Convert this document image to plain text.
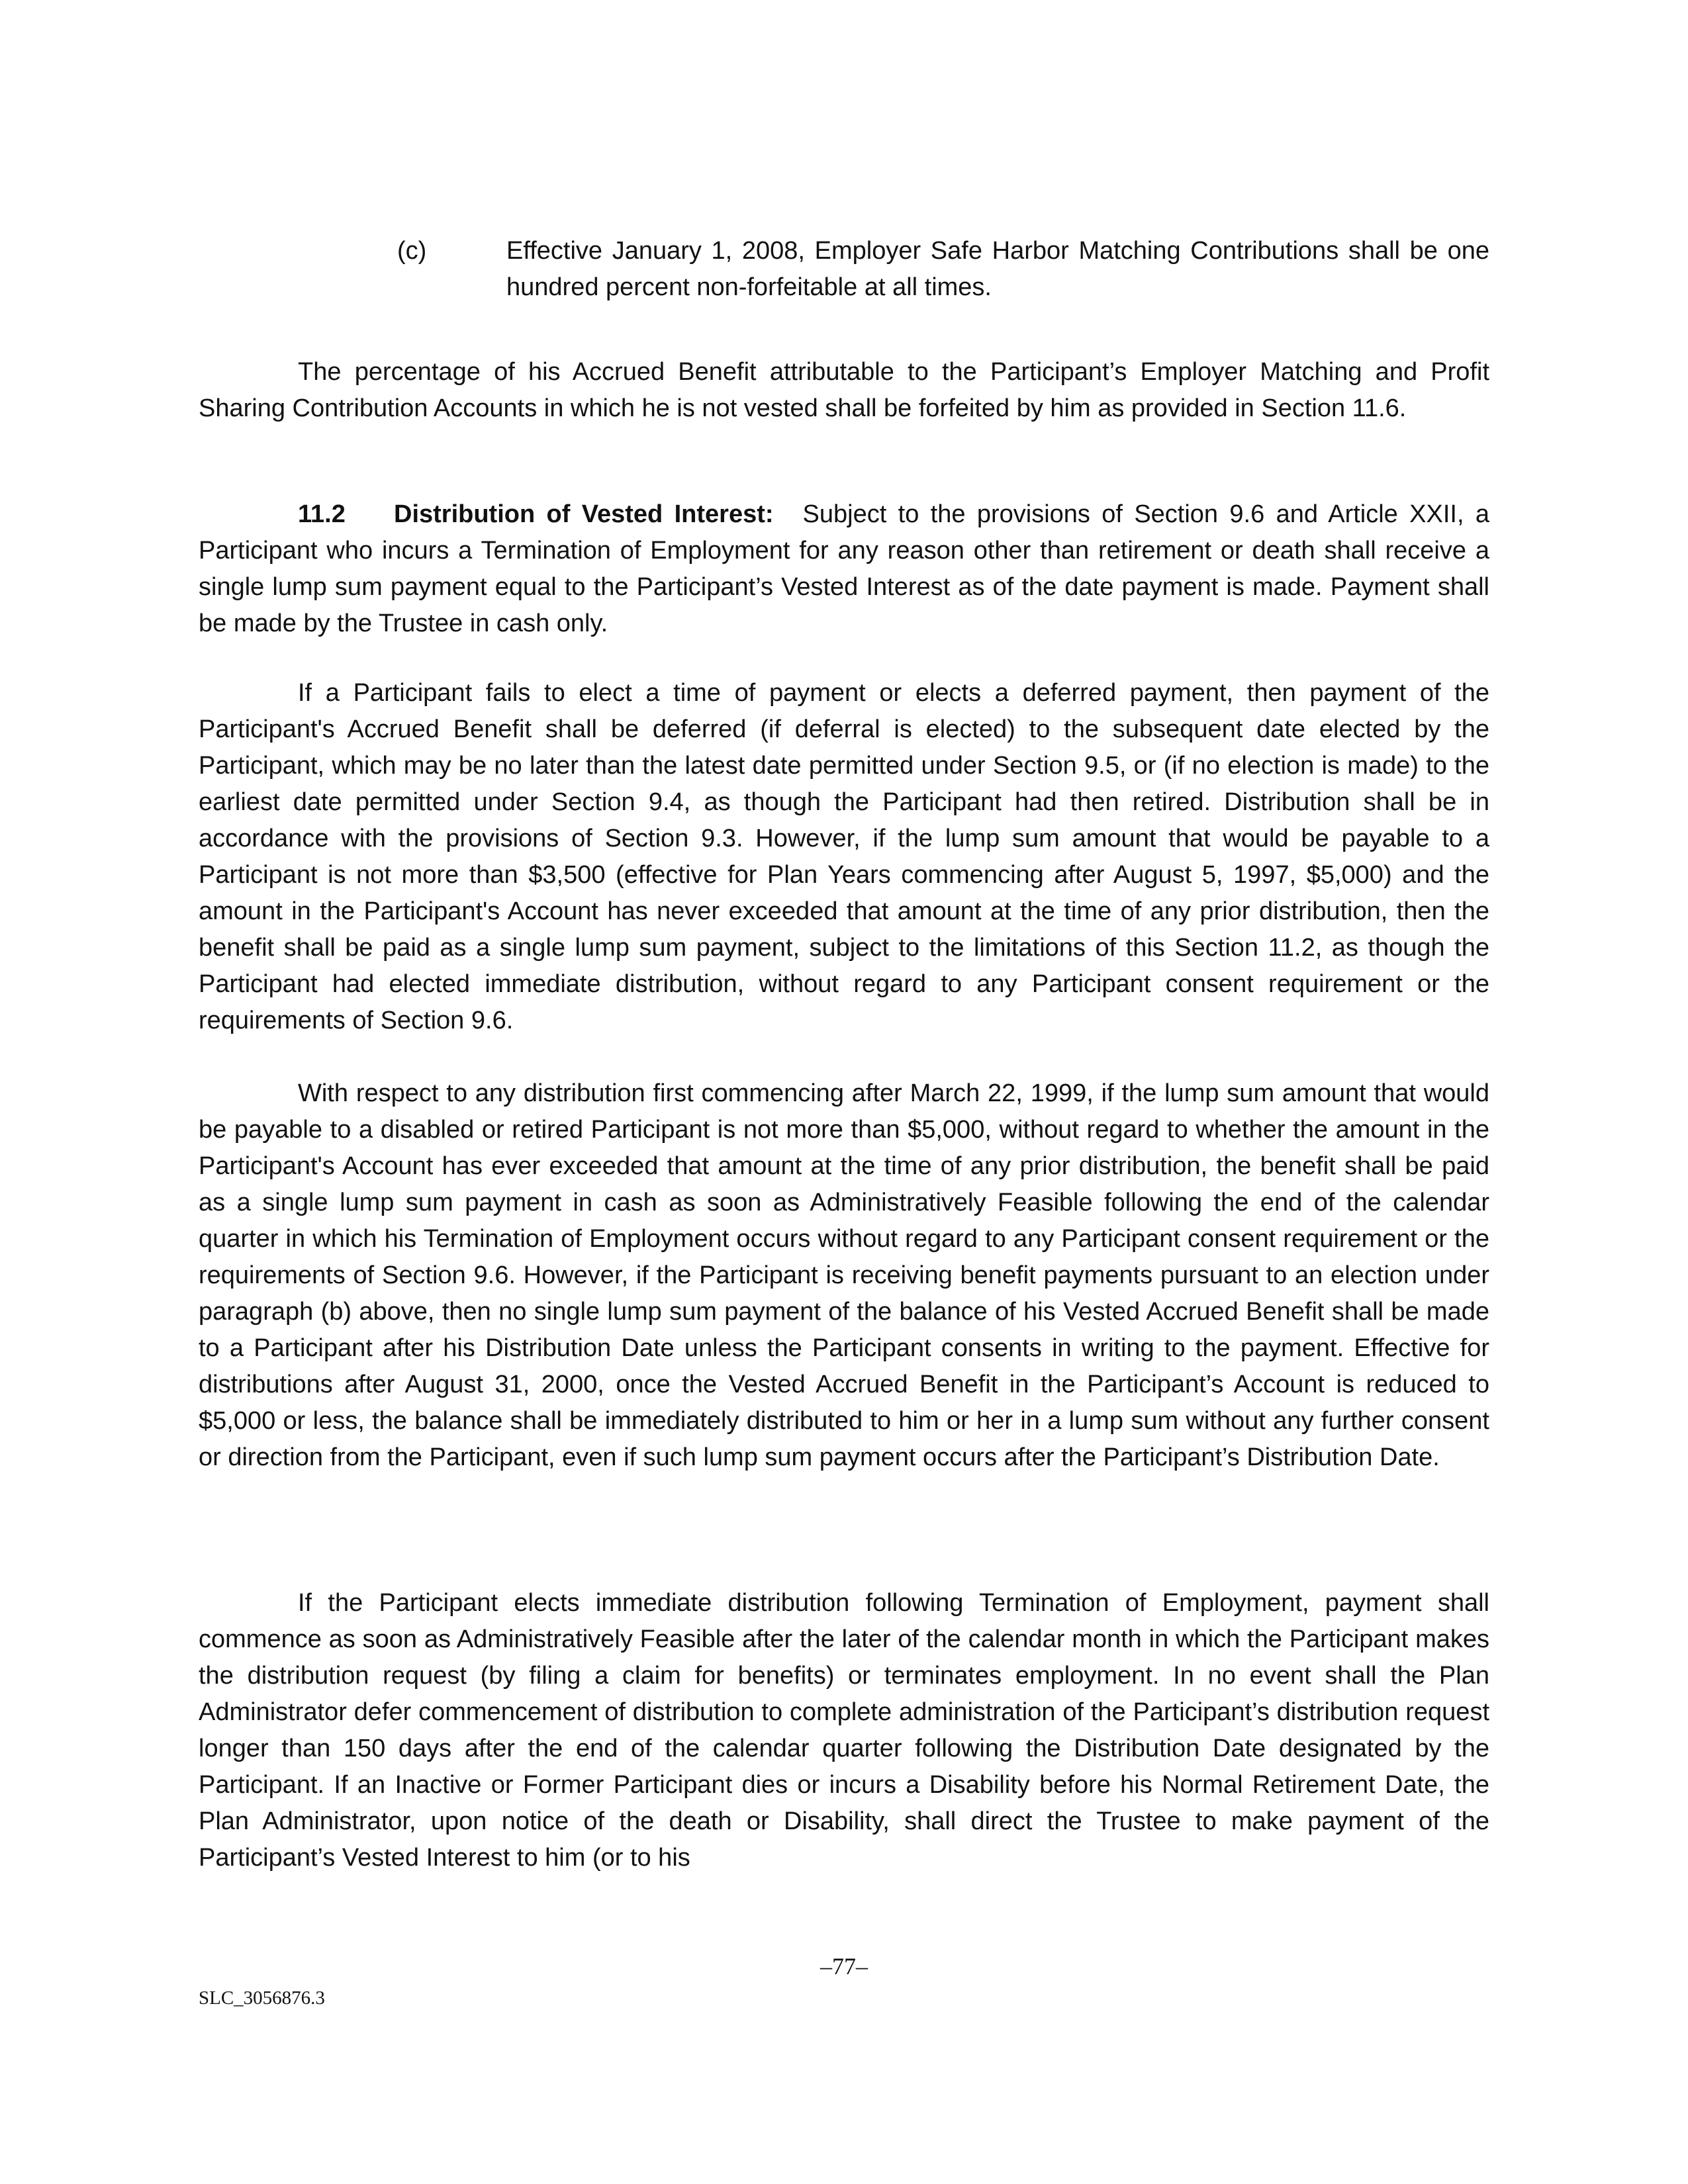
(c)	Effective January 1, 2008, Employer Safe Harbor Matching Contributions shall be one hundred percent non-forfeitable at all times.
The percentage of his Accrued Benefit attributable to the Participant’s Employer Matching and Profit Sharing Contribution Accounts in which he is not vested shall be forfeited by him as provided in Section 11.6.
11.2 Distribution of Vested Interest: Subject to the provisions of Section 9.6 and Article XXII, a Participant who incurs a Termination of Employment for any reason other than retirement or death shall receive a single lump sum payment equal to the Participant’s Vested Interest as of the date payment is made. Payment shall be made by the Trustee in cash only.
If a Participant fails to elect a time of payment or elects a deferred payment, then payment of the Participant's Accrued Benefit shall be deferred (if deferral is elected) to the subsequent date elected by the Participant, which may be no later than the latest date permitted under Section 9.5, or (if no election is made) to the earliest date permitted under Section 9.4, as though the Participant had then retired. Distribution shall be in accordance with the provisions of Section 9.3. However, if the lump sum amount that would be payable to a Participant is not more than $3,500 (effective for Plan Years commencing after August 5, 1997, $5,000) and the amount in the Participant's Account has never exceeded that amount at the time of any prior distribution, then the benefit shall be paid as a single lump sum payment, subject to the limitations of this Section 11.2, as though the Participant had elected immediate distribution, without regard to any Participant consent requirement or the requirements of Section 9.6.
With respect to any distribution first commencing after March 22, 1999, if the lump sum amount that would be payable to a disabled or retired Participant is not more than $5,000, without regard to whether the amount in the Participant's Account has ever exceeded that amount at the time of any prior distribution, the benefit shall be paid as a single lump sum payment in cash as soon as Administratively Feasible following the end of the calendar quarter in which his Termination of Employment occurs without regard to any Participant consent requirement or the requirements of Section 9.6. However, if the Participant is receiving benefit payments pursuant to an election under paragraph (b) above, then no single lump sum payment of the balance of his Vested Accrued Benefit shall be made to a Participant after his Distribution Date unless the Participant consents in writing to the payment. Effective for distributions after August 31, 2000, once the Vested Accrued Benefit in the Participant’s Account is reduced to $5,000 or less, the balance shall be immediately distributed to him or her in a lump sum without any further consent or direction from the Participant, even if such lump sum payment occurs after the Participant’s Distribution Date.
If the Participant elects immediate distribution following Termination of Employment, payment shall commence as soon as Administratively Feasible after the later of the calendar month in which the Participant makes the distribution request (by filing a claim for benefits) or terminates employment. In no event shall the Plan Administrator defer commencement of distribution to complete administration of the Participant’s distribution request longer than 150 days after the end of the calendar quarter following the Distribution Date designated by the Participant. If an Inactive or Former Participant dies or incurs a Disability before his Normal Retirement Date, the Plan Administrator, upon notice of the death or Disability, shall direct the Trustee to make payment of the Participant’s Vested Interest to him (or to his
–77–
SLC_3056876.3
